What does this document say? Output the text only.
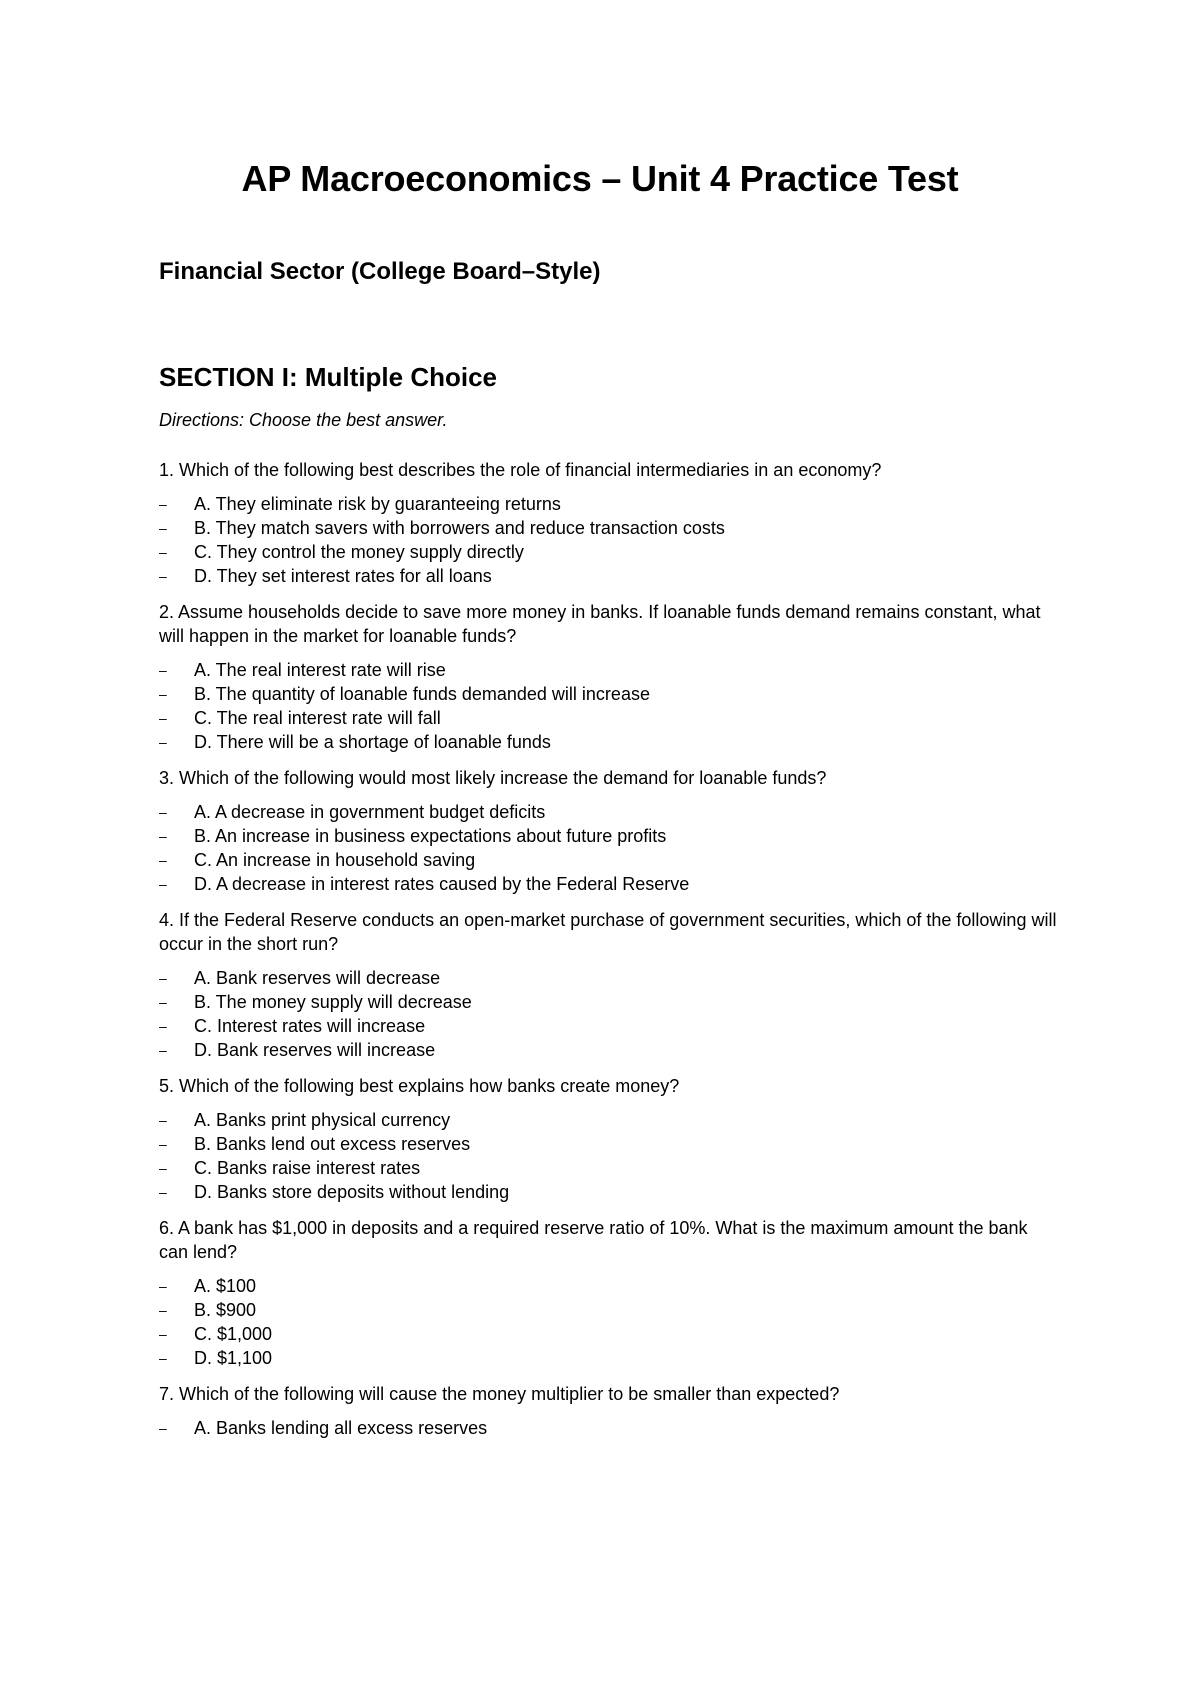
AP Macroeconomics – Unit 4 Practice Test
Financial Sector (College Board–Style)
SECTION I: Multiple Choice

Directions: Choose the best answer.

1. Which of the following best describes the role of financial intermediaries in an economy?

– A. They eliminate risk by guaranteeing returns
– B. They match savers with borrowers and reduce transaction costs
– C. They control the money supply directly
– D. They set interest rates for all loans

2. Assume households decide to save more money in banks. If loanable funds demand remains constant, what will happen in the market for loanable funds?

– A. The real interest rate will rise
– B. The quantity of loanable funds demanded will increase
– C. The real interest rate will fall
– D. There will be a shortage of loanable funds

3. Which of the following would most likely increase the demand for loanable funds?

– A. A decrease in government budget deficits
– B. An increase in business expectations about future profits
– C. An increase in household saving
– D. A decrease in interest rates caused by the Federal Reserve

4. If the Federal Reserve conducts an open-market purchase of government securities, which of the following will occur in the short run?

– A. Bank reserves will decrease
– B. The money supply will decrease
– C. Interest rates will increase
– D. Bank reserves will increase

5. Which of the following best explains how banks create money?

– A. Banks print physical currency
– B. Banks lend out excess reserves
– C. Banks raise interest rates
– D. Banks store deposits without lending

6. A bank has $1,000 in deposits and a required reserve ratio of 10%. What is the maximum amount the bank can lend?

– A. $100
– B. $900
– C. $1,000
– D. $1,100

7. Which of the following will cause the money multiplier to be smaller than expected?

– A. Banks lending all excess reserves
